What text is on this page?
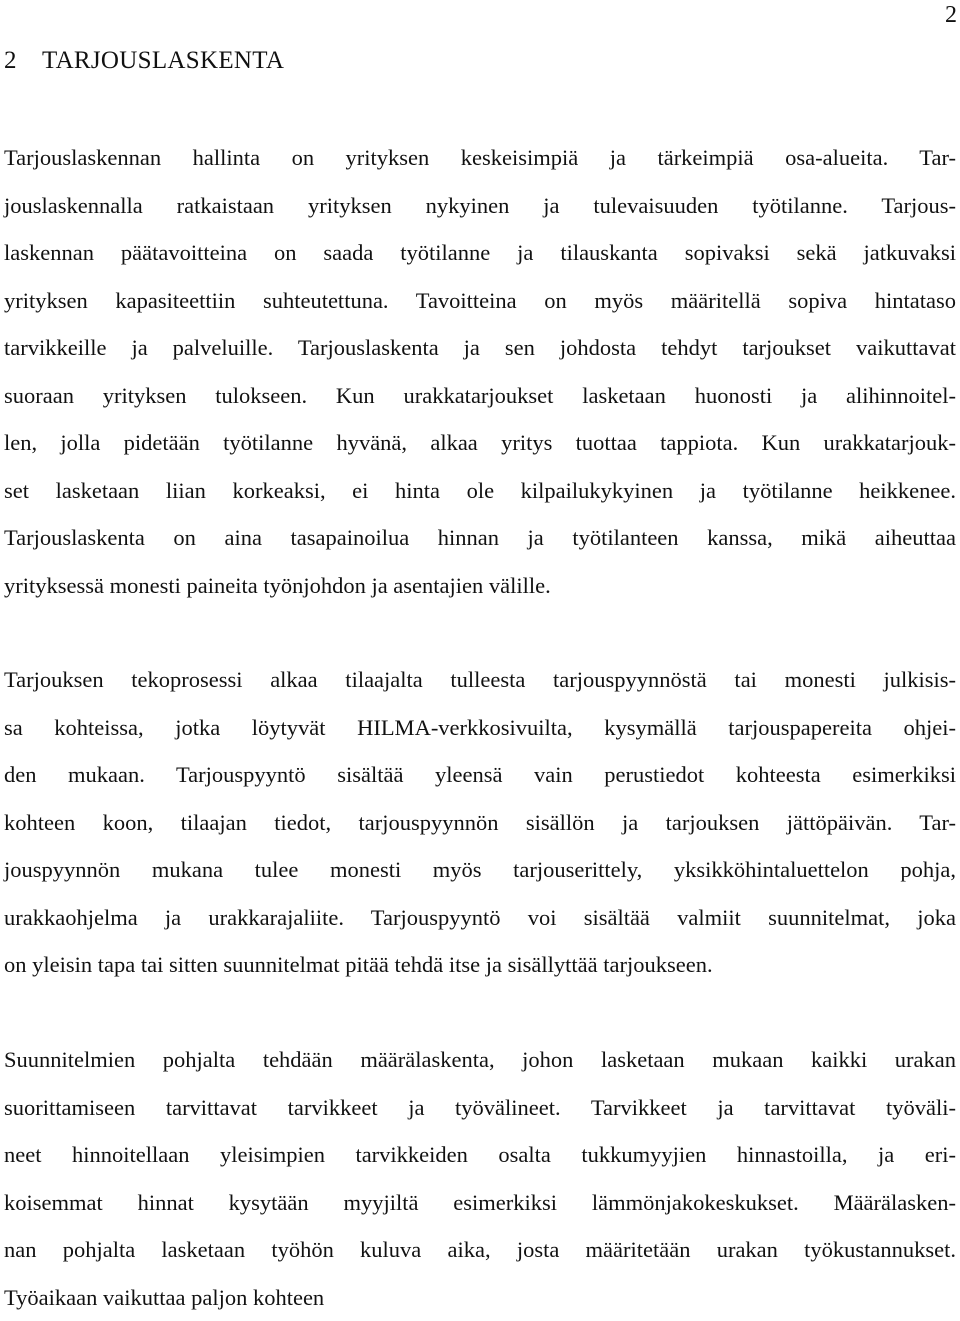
2
2 TARJOUSLASKENTA
Tarjouslaskennan hallinta on yrityksen keskeisimpiä ja tärkeimpiä osa-alueita. Tar-
jouslaskennalla ratkaistaan yrityksen nykyinen ja tulevaisuuden työtilanne. Tarjous-
laskennan päätavoitteina on saada työtilanne ja tilauskanta sopivaksi sekä jatkuvaksi
yrityksen kapasiteettiin suhteutettuna. Tavoitteina on myös määritellä sopiva hintataso
tarvikkeille ja palveluille. Tarjouslaskenta ja sen johdosta tehdyt tarjoukset vaikuttavat
suoraan yrityksen tulokseen. Kun urakkatarjoukset lasketaan huonosti ja alihinnoitel-
len, jolla pidetään työtilanne hyvänä, alkaa yritys tuottaa tappiota. Kun urakkatarjouk-
set lasketaan liian korkeaksi, ei hinta ole kilpailukykyinen ja työtilanne heikkenee.
Tarjouslaskenta on aina tasapainoilua hinnan ja työtilanteen kanssa, mikä aiheuttaa
yrityksessä monesti paineita työnjohdon ja asentajien välille.
Tarjouksen tekoprosessi alkaa tilaajalta tulleesta tarjouspyynnöstä tai monesti julkisis-
sa kohteissa, jotka löytyvät HILMA-verkkosivuilta, kysymällä tarjouspapereita ohjei-
den mukaan. Tarjouspyyntö sisältää yleensä vain perustiedot kohteesta esimerkiksi
kohteen koon, tilaajan tiedot, tarjouspyynnön sisällön ja tarjouksen jättöpäivän. Tar-
jouspyynnön mukana tulee monesti myös tarjouserittely, yksikköhintaluettelon pohja,
urakkaohjelma ja urakkarajaliite. Tarjouspyyntö voi sisältää valmiit suunnitelmat, joka
on yleisin tapa tai sitten suunnitelmat pitää tehdä itse ja sisällyttää tarjoukseen.
Suunnitelmien pohjalta tehdään määrälaskenta, johon lasketaan mukaan kaikki urakan
suorittamiseen tarvittavat tarvikkeet ja työvälineet. Tarvikkeet ja tarvittavat työväli-
neet hinnoitellaan yleisimpien tarvikkeiden osalta tukkumyyjien hinnastoilla, ja eri-
koisemmat hinnat kysytään myyjiltä esimerkiksi lämmönjakokeskukset. Määrälasken-
nan pohjalta lasketaan työhön kuluva aika, josta määritetään urakan työkustannukset.
Työaikaan vaikuttaa paljon kohteen
